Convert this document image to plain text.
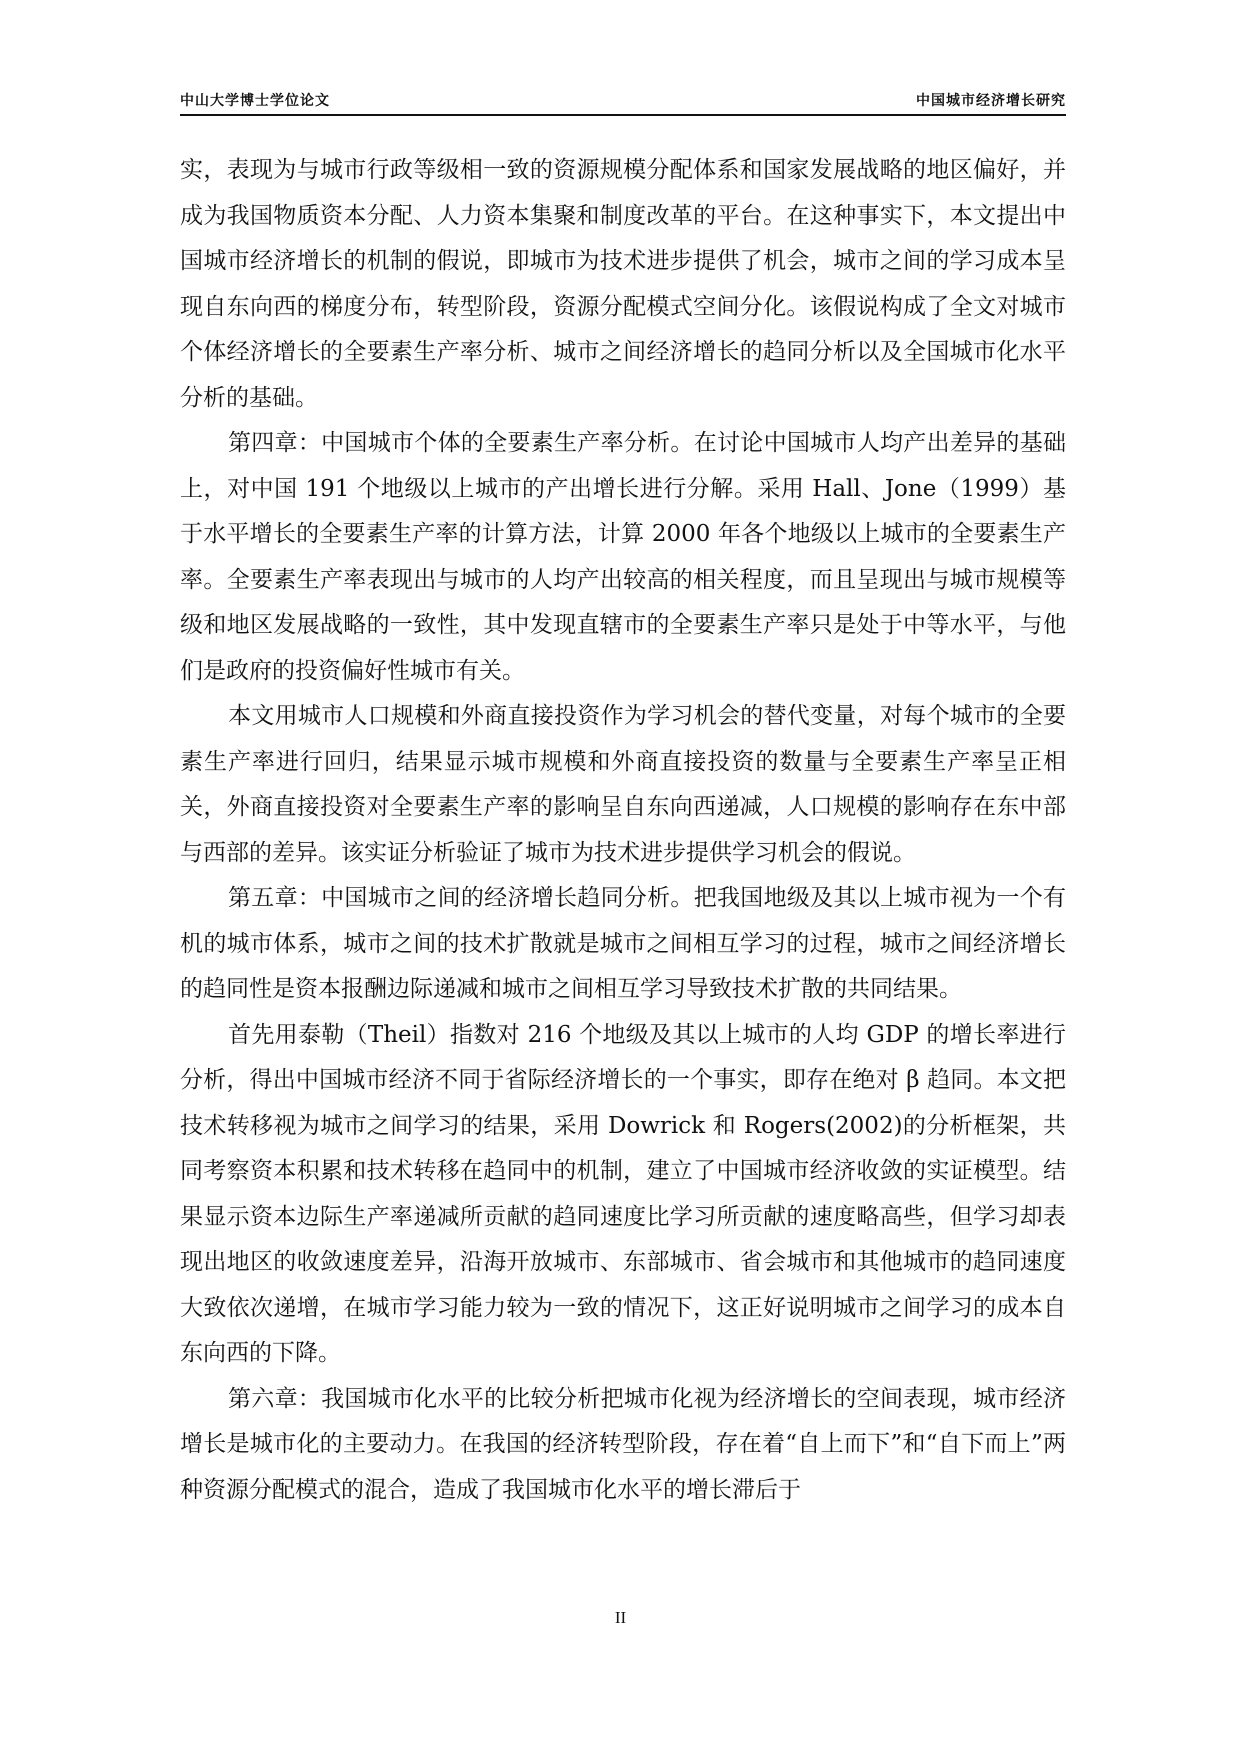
中山大学博士学位论文	中国城市经济增长研究

实，表现为与城市行政等级相一致的资源规模分配体系和国家发展战略的地区偏好，并成为我国物质资本分配、人力资本集聚和制度改革的平台。在这种事实下，本文提出中国城市经济增长的机制的假说，即城市为技术进步提供了机会，城市之间的学习成本呈现自东向西的梯度分布，转型阶段，资源分配模式空间分化。该假说构成了全文对城市个体经济增长的全要素生产率分析、城市之间经济增长的趋同分析以及全国城市化水平分析的基础。

第四章：中国城市个体的全要素生产率分析。在讨论中国城市人均产出差异的基础上，对中国 191 个地级以上城市的产出增长进行分解。采用 Hall、Jone（1999）基于水平增长的全要素生产率的计算方法，计算 2000 年各个地级以上城市的全要素生产率。全要素生产率表现出与城市的人均产出较高的相关程度，而且呈现出与城市规模等级和地区发展战略的一致性，其中发现直辖市的全要素生产率只是处于中等水平，与他们是政府的投资偏好性城市有关。

本文用城市人口规模和外商直接投资作为学习机会的替代变量，对每个城市的全要素生产率进行回归，结果显示城市规模和外商直接投资的数量与全要素生产率呈正相关，外商直接投资对全要素生产率的影响呈自东向西递减，人口规模的影响存在东中部与西部的差异。该实证分析验证了城市为技术进步提供学习机会的假说。

第五章：中国城市之间的经济增长趋同分析。把我国地级及其以上城市视为一个有机的城市体系，城市之间的技术扩散就是城市之间相互学习的过程，城市之间经济增长的趋同性是资本报酬边际递减和城市之间相互学习导致技术扩散的共同结果。

首先用泰勒（Theil）指数对 216 个地级及其以上城市的人均 GDP 的增长率进行分析，得出中国城市经济不同于省际经济增长的一个事实，即存在绝对 β 趋同。本文把技术转移视为城市之间学习的结果，采用 Dowrick 和 Rogers(2002)的分析框架，共同考察资本积累和技术转移在趋同中的机制，建立了中国城市经济收敛的实证模型。结果显示资本边际生产率递减所贡献的趋同速度比学习所贡献的速度略高些，但学习却表现出地区的收敛速度差异，沿海开放城市、东部城市、省会城市和其他城市的趋同速度大致依次递增，在城市学习能力较为一致的情况下，这正好说明城市之间学习的成本自东向西的下降。

第六章：我国城市化水平的比较分析把城市化视为经济增长的空间表现，城市经济增长是城市化的主要动力。在我国的经济转型阶段，存在着“自上而下”和“自下而上”两种资源分配模式的混合，造成了我国城市化水平的增长滞后于

II
